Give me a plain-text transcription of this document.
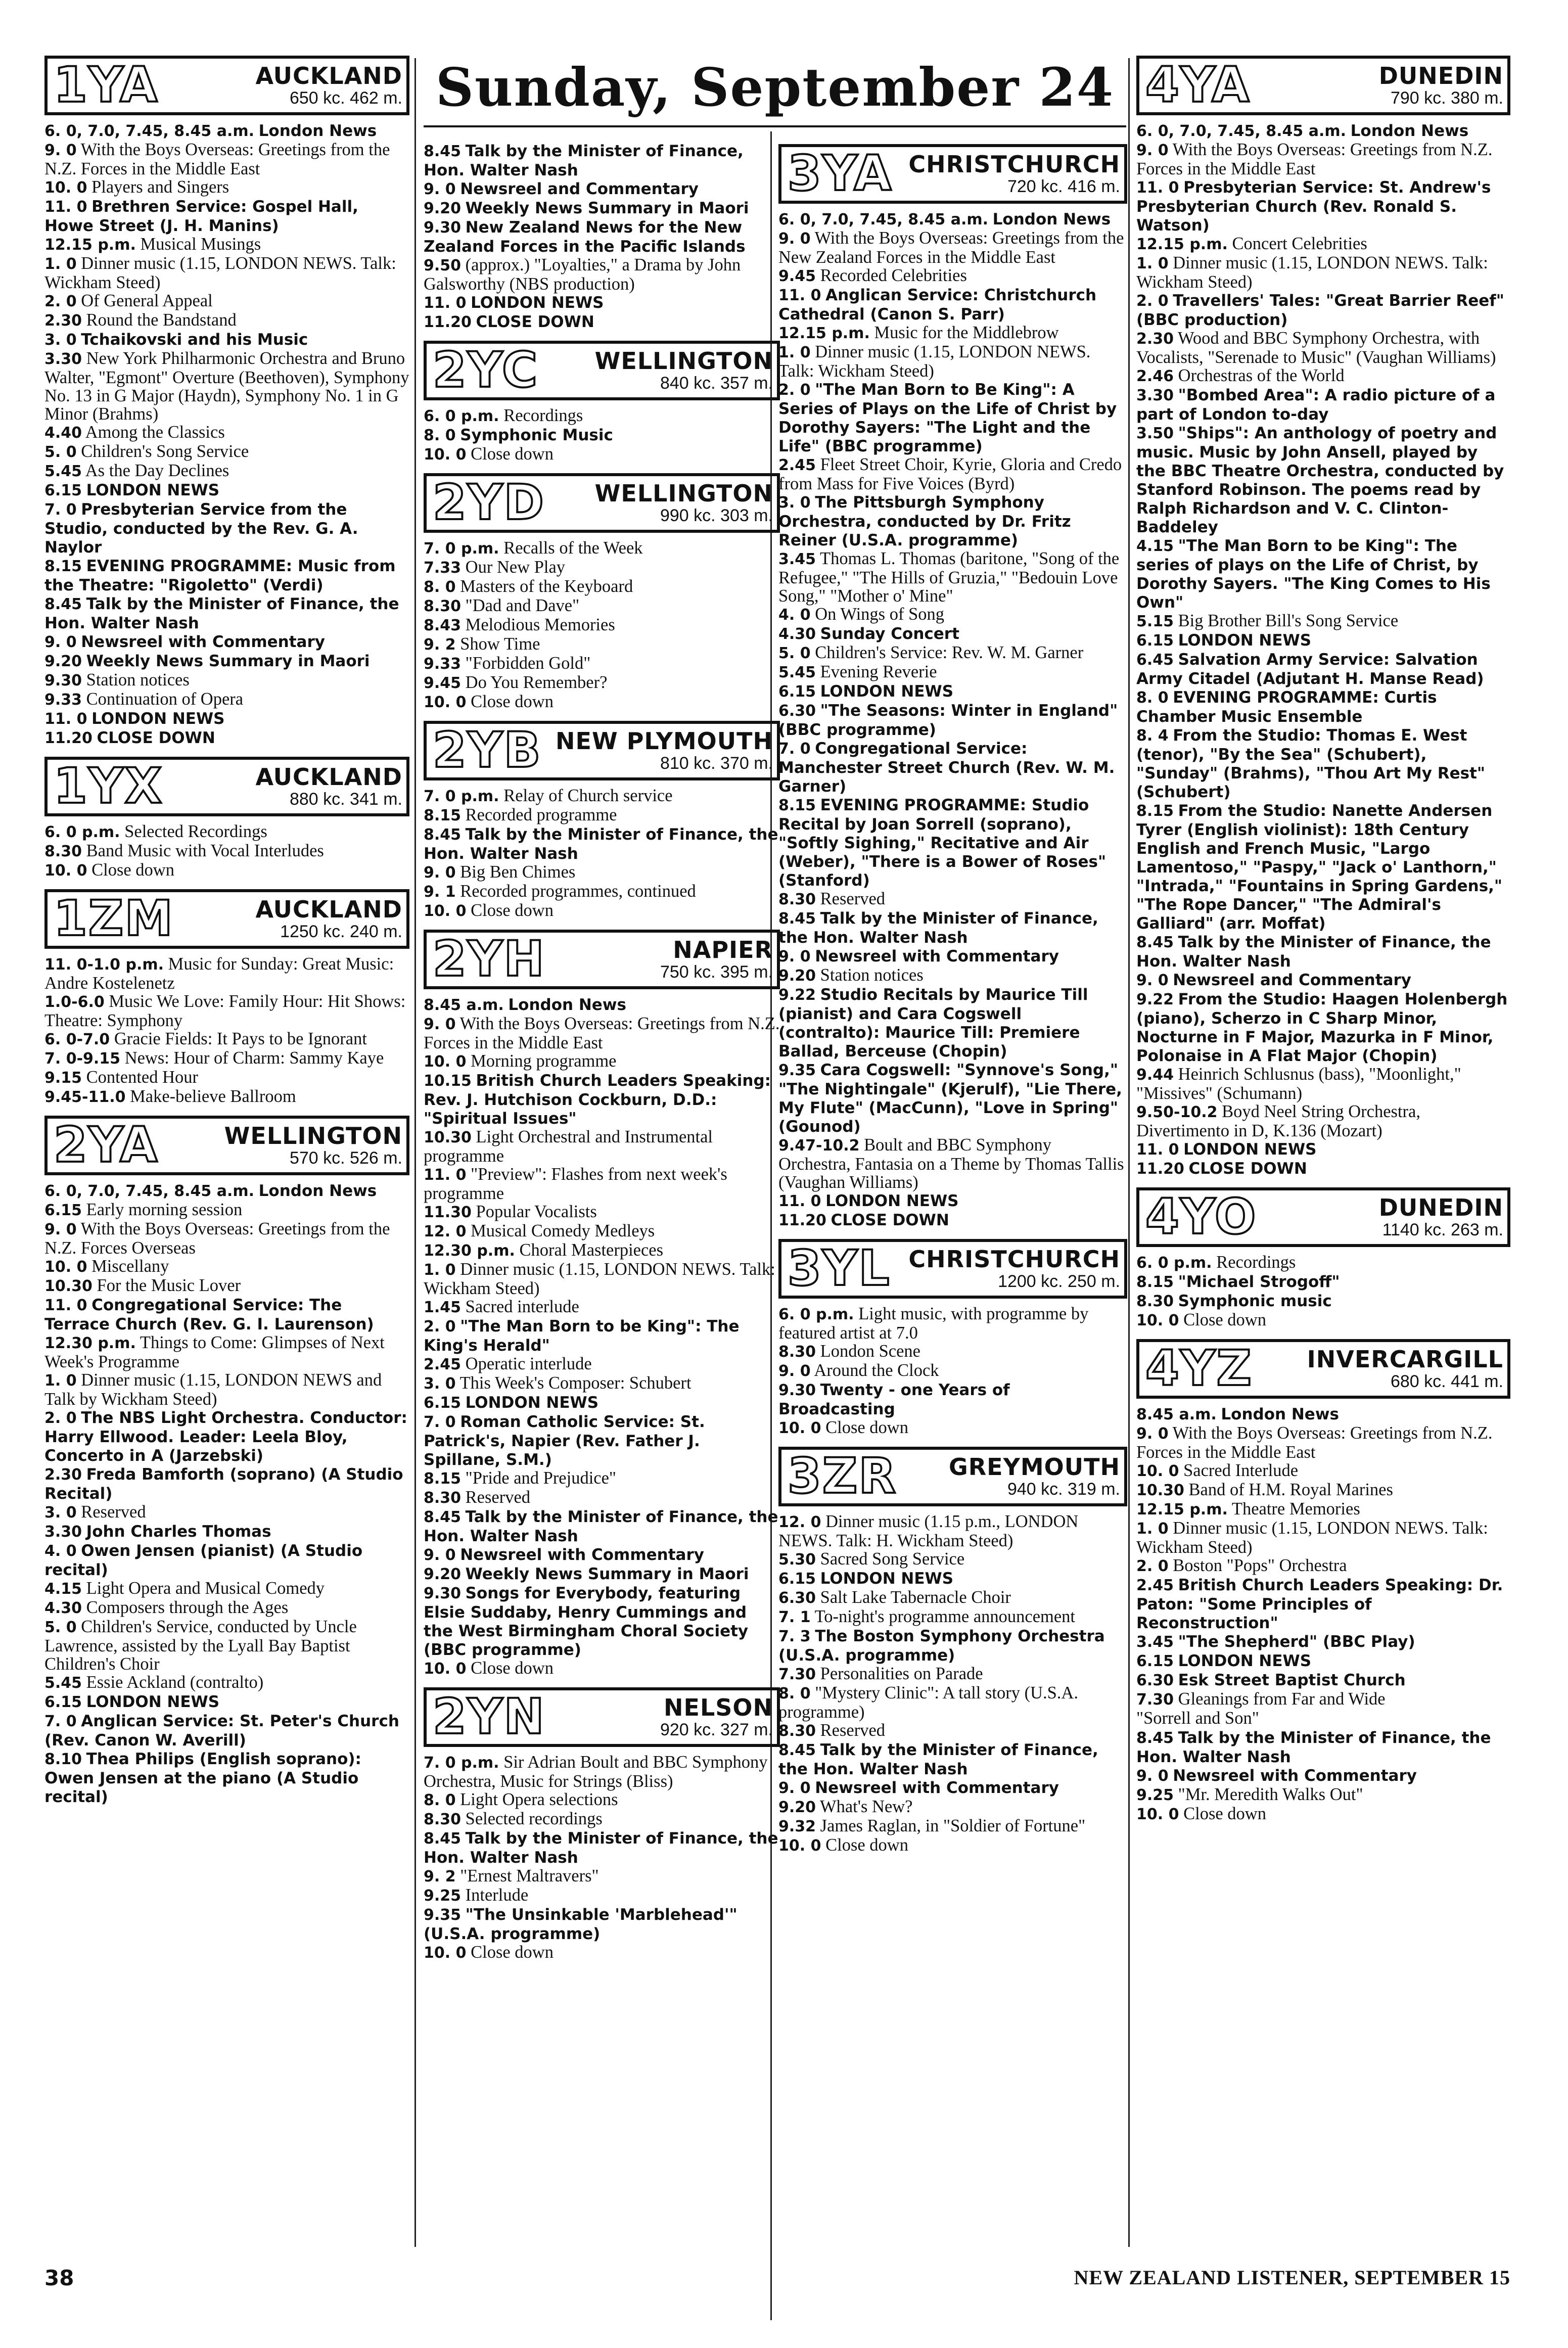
Sunday, September 24
1YA	AUCKLAND
650 kc. 462 m.

6. 0, 7.0, 7.45, 8.45 a.m. London News

9. 0 With the Boys Overseas: Greetings from the N.Z. Forces in the Middle East

10. 0 Players and Singers

11. 0 Brethren Service: Gospel Hall, Howe Street (J. H. Manins)

12.15 p.m. Musical Musings

1. 0 Dinner music (1.15, LONDON NEWS. Talk: Wickham Steed)

2. 0 Of General Appeal

2.30 Round the Bandstand

3. 0 Tchaikovski and his Music

3.30 New York Philharmonic Orchestra and Bruno Walter, "Egmont" Overture (Beethoven), Symphony No. 13 in G Major (Haydn), Symphony No. 1 in G Minor (Brahms)

4.40 Among the Classics

5. 0 Children's Song Service

5.45 As the Day Declines

6.15 LONDON NEWS

7. 0 Presbyterian Service from the Studio, conducted by the Rev. G. A. Naylor

8.15 EVENING PROGRAMME: Music from the Theatre: "Rigoletto" (Verdi)

8.45 Talk by the Minister of Finance, the Hon. Walter Nash

9. 0 Newsreel with Commentary

9.20 Weekly News Summary in Maori

9.30 Station notices

9.33 Continuation of Opera

11. 0 LONDON NEWS

11.20 CLOSE DOWN

1YX	AUCKLAND
880 kc. 341 m.

6. 0 p.m. Selected Recordings

8.30 Band Music with Vocal Interludes

10. 0 Close down

1ZM	AUCKLAND
1250 kc. 240 m.

11. 0-1.0 p.m. Music for Sunday: Great Music: Andre Kostelenetz

1.0-6.0 Music We Love: Family Hour: Hit Shows: Theatre: Symphony

6. 0-7.0 Gracie Fields: It Pays to be Ignorant

7. 0-9.15 News: Hour of Charm: Sammy Kaye

9.15 Contented Hour

9.45-11.0 Make-believe Ballroom

2YA	WELLINGTON
570 kc. 526 m.

6. 0, 7.0, 7.45, 8.45 a.m. London News

6.15 Early morning session

9. 0 With the Boys Overseas: Greetings from the N.Z. Forces Overseas

10. 0 Miscellany

10.30 For the Music Lover

11. 0 Congregational Service: The Terrace Church (Rev. G. I. Laurenson)

12.30 p.m. Things to Come: Glimpses of Next Week's Programme

1. 0 Dinner music (1.15, LONDON NEWS and Talk by Wickham Steed)

2. 0 The NBS Light Orchestra. Conductor: Harry Ellwood. Leader: Leela Bloy, Concerto in A (Jarzebski)

2.30 Freda Bamforth (soprano) (A Studio Recital)

3. 0 Reserved

3.30 John Charles Thomas

4. 0 Owen Jensen (pianist) (A Studio recital)

4.15 Light Opera and Musical Comedy

4.30 Composers through the Ages

5. 0 Children's Service, conducted by Uncle Lawrence, assisted by the Lyall Bay Baptist Children's Choir

5.45 Essie Ackland (contralto)

6.15 LONDON NEWS

7. 0 Anglican Service: St. Peter's Church (Rev. Canon W. Averill)

8.10 Thea Philips (English soprano): Owen Jensen at the piano (A Studio recital)

8.45 Talk by the Minister of Finance, Hon. Walter Nash

9. 0 Newsreel and Commentary

9.20 Weekly News Summary in Maori

9.30 New Zealand News for the New Zealand Forces in the Pacific Islands

9.50 (approx.) "Loyalties," a Drama by John Galsworthy (NBS production)

11. 0 LONDON NEWS

11.20 CLOSE DOWN

2YC	WELLINGTON
840 kc. 357 m.

6. 0 p.m. Recordings

8. 0 Symphonic Music

10. 0 Close down

2YD	WELLINGTON
990 kc. 303 m.

7. 0 p.m. Recalls of the Week

7.33 Our New Play

8. 0 Masters of the Keyboard

8.30 "Dad and Dave"

8.43 Melodious Memories

9. 2 Show Time

9.33 "Forbidden Gold"

9.45 Do You Remember?

10. 0 Close down

2YB NEW PLYMOUTH
810 kc. 370 m.

7. 0 p.m. Relay of Church service

8.15 Recorded programme

8.45 Talk by the Minister of Finance, the Hon. Walter Nash

9. 0 Big Ben Chimes

9. 1 Recorded programmes, continued

10. 0 Close down

2YH	NAPIER
750 kc. 395 m.

8.45 a.m. London News

9. 0 With the Boys Overseas: Greetings from N.Z. Forces in the Middle East

10. 0 Morning programme

10.15 British Church Leaders Speaking: Rev. J. Hutchison Cockburn, D.D.: "Spiritual Issues"

10.30 Light Orchestral and Instrumental programme

11. 0 "Preview": Flashes from next week's programme

11.30 Popular Vocalists

12. 0 Musical Comedy Medleys

12.30 p.m. Choral Masterpieces

1. 0 Dinner music (1.15, LONDON NEWS. Talk: Wickham Steed)

1.45 Sacred interlude

2. 0 "The Man Born to be King": The King's Herald"

2.45 Operatic interlude

3. 0 This Week's Composer: Schubert

6.15 LONDON NEWS

7. 0 Roman Catholic Service: St. Patrick's, Napier (Rev. Father J. Spillane, S.M.)

8.15 "Pride and Prejudice"

8.30 Reserved

8.45 Talk by the Minister of Finance, the Hon. Walter Nash

9. 0 Newsreel with Commentary

9.20 Weekly News Summary in Maori

9.30 Songs for Everybody, featuring Elsie Suddaby, Henry Cummings and the West Birmingham Choral Society (BBC programme)

10. 0 Close down

2YN	NELSON
920 kc. 327 m.

7. 0 p.m. Sir Adrian Boult and BBC Symphony Orchestra, Music for Strings (Bliss)

8. 0 Light Opera selections

8.30 Selected recordings

8.45 Talk by the Minister of Finance, the Hon. Walter Nash

9. 2 "Ernest Maltravers"

9.25 Interlude

9.35 "The Unsinkable 'Marblehead'" (U.S.A. programme)

10. 0 Close down

3YA CHRISTCHURCH
720 kc. 416 m.

6. 0, 7.0, 7.45, 8.45 a.m. London News

9. 0 With the Boys Overseas: Greetings from the New Zealand Forces in the Middle East

9.45 Recorded Celebrities

11. 0 Anglican Service: Christchurch Cathedral (Canon S. Parr)

12.15 p.m. Music for the Middlebrow

1. 0 Dinner music (1.15, LONDON NEWS. Talk: Wickham Steed)

2. 0 "The Man Born to Be King": A Series of Plays on the Life of Christ by Dorothy Sayers: "The Light and the Life" (BBC programme)

2.45 Fleet Street Choir, Kyrie, Gloria and Credo from Mass for Five Voices (Byrd)

3. 0 The Pittsburgh Symphony Orchestra, conducted by Dr. Fritz Reiner (U.S.A. programme)

3.45 Thomas L. Thomas (baritone, "Song of the Refugee," "The Hills of Gruzia," "Bedouin Love Song," "Mother o' Mine"

4. 0 On Wings of Song

4.30 Sunday Concert

5. 0 Children's Service: Rev. W. M. Garner

5.45 Evening Reverie

6.15 LONDON NEWS

6.30 "The Seasons: Winter in England" (BBC programme)

7. 0 Congregational Service: Manchester Street Church (Rev. W. M. Garner)

8.15 EVENING PROGRAMME: Studio Recital by Joan Sorrell (soprano), "Softly Sighing," Recitative and Air (Weber), "There is a Bower of Roses" (Stanford)

8.30 Reserved

8.45 Talk by the Minister of Finance, the Hon. Walter Nash

9. 0 Newsreel with Commentary

9.20 Station notices

9.22 Studio Recitals by Maurice Till (pianist) and Cara Cogswell (contralto): Maurice Till: Premiere Ballad, Berceuse (Chopin)

9.35 Cara Cogswell: "Synnove's Song," "The Nightingale" (Kjerulf), "Lie There, My Flute" (MacCunn), "Love in Spring" (Gounod)

9.47-10.2 Boult and BBC Symphony Orchestra, Fantasia on a Theme by Thomas Tallis (Vaughan Williams)

11. 0 LONDON NEWS

11.20 CLOSE DOWN

3YL CHRISTCHURCH
1200 kc. 250 m.

6. 0 p.m. Light music, with programme by featured artist at 7.0

8.30 London Scene

9. 0 Around the Clock

9.30 Twenty - one Years of Broadcasting

10. 0 Close down

3ZR	GREYMOUTH
940 kc. 319 m.

12. 0 Dinner music (1.15 p.m., LONDON NEWS. Talk: H. Wickham Steed)

5.30 Sacred Song Service

6.15 LONDON NEWS

6.30 Salt Lake Tabernacle Choir

7. 1 To-night's programme announcement

7. 3 The Boston Symphony Orchestra (U.S.A. programme)

7.30 Personalities on Parade

8. 0 "Mystery Clinic": A tall story (U.S.A. programme)

8.30 Reserved

8.45 Talk by the Minister of Finance, the Hon. Walter Nash

9. 0 Newsreel with Commentary

9.20 What's New?

9.32 James Raglan, in "Soldier of Fortune"

10. 0 Close down

4YA	DUNEDIN
790 kc. 380 m.

6. 0, 7.0, 7.45, 8.45 a.m. London News

9. 0 With the Boys Overseas: Greetings from N.Z. Forces in the Middle East

11. 0 Presbyterian Service: St. Andrew's Presbyterian Church (Rev. Ronald S. Watson)

12.15 p.m. Concert Celebrities

1. 0 Dinner music (1.15, LONDON NEWS. Talk: Wickham Steed)

2. 0 Travellers' Tales: "Great Barrier Reef" (BBC production)

2.30 Wood and BBC Symphony Orchestra, with Vocalists, "Serenade to Music" (Vaughan Williams)

2.46 Orchestras of the World

3.30 "Bombed Area": A radio picture of a part of London to-day

3.50 "Ships": An anthology of poetry and music. Music by John Ansell, played by the BBC Theatre Orchestra, conducted by Stanford Robinson. The poems read by Ralph Richardson and V. C. Clinton-Baddeley

4.15 "The Man Born to be King": The series of plays on the Life of Christ, by Dorothy Sayers. "The King Comes to His Own"

5.15 Big Brother Bill's Song Service

6.15 LONDON NEWS

6.45 Salvation Army Service: Salvation Army Citadel (Adjutant H. Manse Read)

8. 0 EVENING PROGRAMME: Curtis Chamber Music Ensemble

8. 4 From the Studio: Thomas E. West (tenor), "By the Sea" (Schubert), "Sunday" (Brahms), "Thou Art My Rest" (Schubert)

8.15 From the Studio: Nanette Andersen Tyrer (English violinist): 18th Century English and French Music, "Largo Lamentoso," "Paspy," "Jack o' Lanthorn," "Intrada," "Fountains in Spring Gardens," "The Rope Dancer," "The Admiral's Galliard" (arr. Moffat)

8.45 Talk by the Minister of Finance, the Hon. Walter Nash

9. 0 Newsreel and Commentary

9.22 From the Studio: Haagen Holenbergh (piano), Scherzo in C Sharp Minor, Nocturne in F Major, Mazurka in F Minor, Polonaise in A Flat Major (Chopin)

9.44 Heinrich Schlusnus (bass), "Moonlight," "Missives" (Schumann)

9.50-10.2 Boyd Neel String Orchestra, Divertimento in D, K.136 (Mozart)

11. 0 LONDON NEWS

11.20 CLOSE DOWN

4YO	DUNEDIN
1140 kc. 263 m.

6. 0 p.m. Recordings

8.15 "Michael Strogoff"

8.30 Symphonic music

10. 0 Close down

4YZ	INVERCARGILL
680 kc. 441 m.

8.45 a.m. London News

9. 0 With the Boys Overseas: Greetings from N.Z. Forces in the Middle East

10. 0 Sacred Interlude

10.30 Band of H.M. Royal Marines

12.15 p.m. Theatre Memories

1. 0 Dinner music (1.15, LONDON NEWS. Talk: Wickham Steed)

2. 0 Boston "Pops" Orchestra

2.45 British Church Leaders Speaking: Dr. Paton: "Some Principles of Reconstruction"

3.45 "The Shepherd" (BBC Play)

6.15 LONDON NEWS

6.30 Esk Street Baptist Church

7.30 Gleanings from Far and Wide

"Sorrell and Son"

8.45 Talk by the Minister of Finance, the Hon. Walter Nash

9. 0 Newsreel with Commentary

9.25 "Mr. Meredith Walks Out"

10. 0 Close down

38	NEW ZEALAND LISTENER, SEPTEMBER 15
